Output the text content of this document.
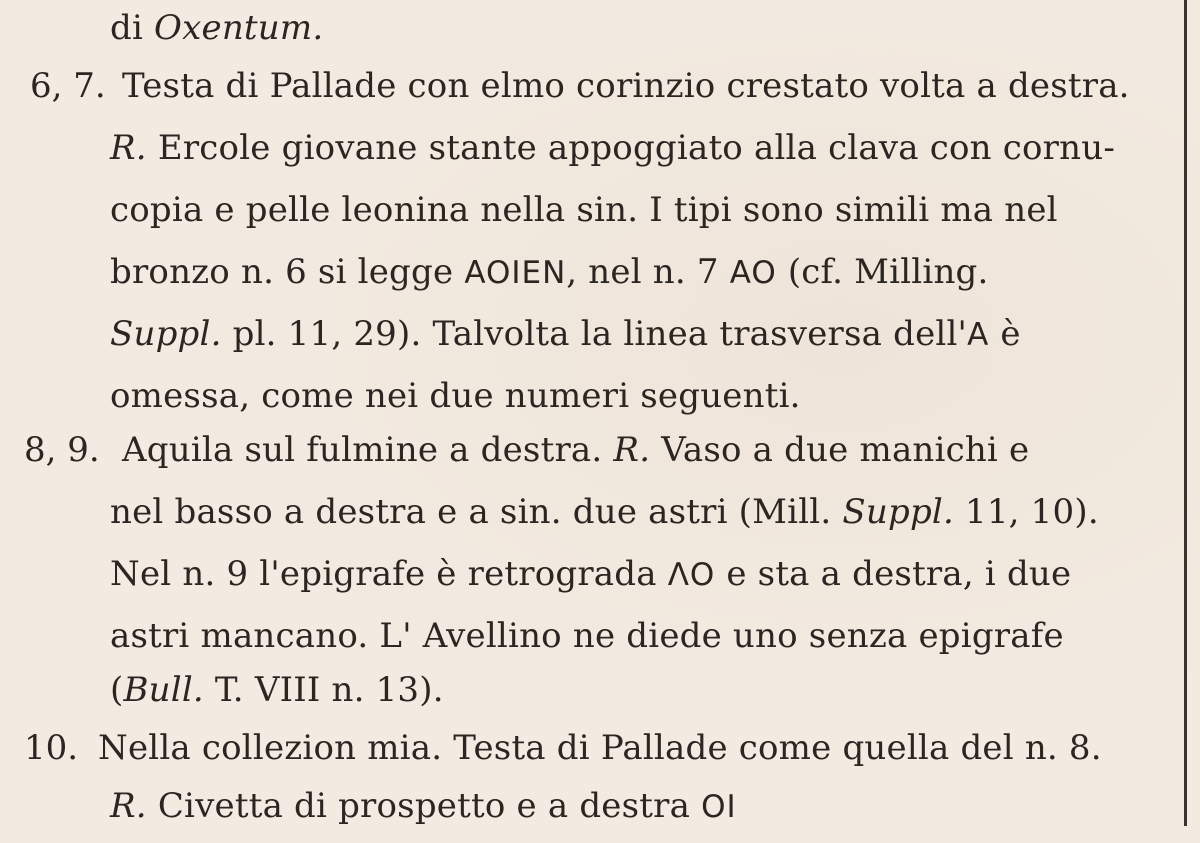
di Oxentum.
6, 7. Testa di Pallade con elmo corinzio crestato volta a destra.
R. Ercole giovane stante appoggiato alla clava con cornu-
copia e pelle leonina nella sin. I tipi sono simili ma nel
bronzo n. 6 si legge AOIEN, nel n. 7 AO (cf. Milling.
Suppl. pl. 11, 29). Talvolta la linea trasversa dell'A è
omessa, come nei due numeri seguenti.
8, 9. Aquila sul fulmine a destra. R. Vaso a due manichi e
nel basso a destra e a sin. due astri (Mill. Suppl. 11, 10).
Nel n. 9 l'epigrafe è retrograda ΛO e sta a destra, i due
astri mancano. L' Avellino ne diede uno senza epigrafe
(Bull. T. VIII n. 13).
10. Nella collezion mia. Testa di Pallade come quella del n. 8.
R. Civetta di prospetto e a destra OI
